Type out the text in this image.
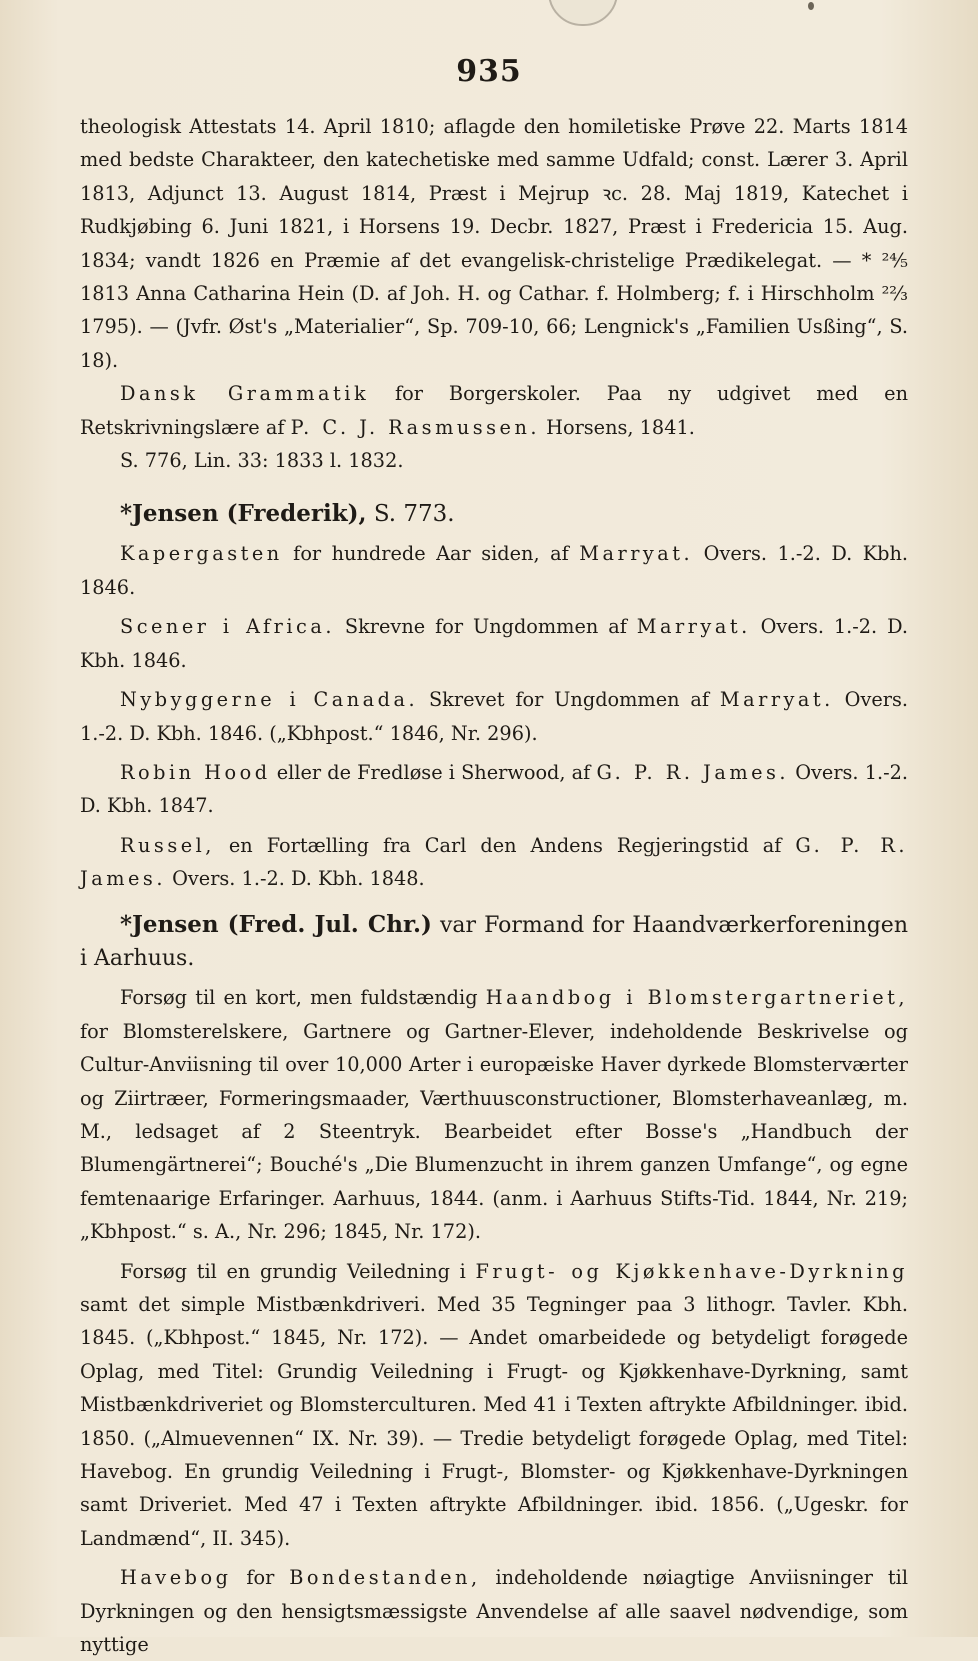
935
theologisk Attestats 14. April 1810; aflagde den homiletiske Prøve 22. Marts 1814 med bedste Charakteer, den katechetiske med samme Udfald; const. Lærer 3. April 1813, Adjunct 13. August 1814, Præst i Mejrup ꝛc. 28. Maj 1819, Katechet i Rudkjøbing 6. Juni 1821, i Horsens 19. Decbr. 1827, Præst i Fredericia 15. Aug. 1834; vandt 1826 en Præmie af det evangelisk-christelige Prædikelegat. — * ²⁴⁄₅ 1813 Anna Catharina Hein (D. af Joh. H. og Cathar. f. Holmberg; f. i Hirschholm ²²⁄₃ 1795). — (Jvfr. Øst's „Materialier“, Sp. 709-10, 66; Lengnick's „Familien Usßing“, S. 18).
Dansk Grammatik for Borgerskoler. Paa ny udgivet med en Retskrivningslære af P. C. J. Rasmussen. Horsens, 1841.
S. 776, Lin. 33: 1833 l. 1832.
*Jensen (Frederik), S. 773.
Kapergasten for hundrede Aar siden, af Marryat. Overs. 1.-2. D. Kbh. 1846.
Scener i Africa. Skrevne for Ungdommen af Marryat. Overs. 1.-2. D. Kbh. 1846.
Nybyggerne i Canada. Skrevet for Ungdommen af Marryat. Overs. 1.-2. D. Kbh. 1846. („Kbhpost.“ 1846, Nr. 296).
Robin Hood eller de Fredløse i Sherwood, af G. P. R. James. Overs. 1.-2. D. Kbh. 1847.
Russel, en Fortælling fra Carl den Andens Regjeringstid af G. P. R. James. Overs. 1.-2. D. Kbh. 1848.
*Jensen (Fred. Jul. Chr.) var Formand for Haandværkerforeningen i Aarhuus.
Forsøg til en kort, men fuldstændig Haandbog i Blomstergartneriet, for Blomsterelskere, Gartnere og Gartner-Elever, indeholdende Beskrivelse og Cultur-Anviisning til over 10,000 Arter i europæiske Haver dyrkede Blomsterværter og Ziirtræer, Formeringsmaader, Værthuusconstructioner, Blomsterhaveanlæg, m. M., ledsaget af 2 Steentryk. Bearbeidet efter Bosse's „Handbuch der Blumengärtnerei“; Bouché's „Die Blumenzucht in ihrem ganzen Umfange“, og egne femtenaarige Erfaringer. Aarhuus, 1844. (anm. i Aarhuus Stifts-Tid. 1844, Nr. 219; „Kbhpost.“ s. A., Nr. 296; 1845, Nr. 172).
Forsøg til en grundig Veiledning i Frugt- og Kjøkkenhave-Dyrkning samt det simple Mistbænkdriveri. Med 35 Tegninger paa 3 lithogr. Tavler. Kbh. 1845. („Kbhpost.“ 1845, Nr. 172). — Andet omarbeidede og betydeligt forøgede Oplag, med Titel: Grundig Veiledning i Frugt- og Kjøkkenhave-Dyrkning, samt Mistbænkdriveriet og Blomsterculturen. Med 41 i Texten aftrykte Afbildninger. ibid. 1850. („Almuevennen“ IX. Nr. 39). — Tredie betydeligt forøgede Oplag, med Titel: Havebog. En grundig Veiledning i Frugt-, Blomster- og Kjøkkenhave-Dyrkningen samt Driveriet. Med 47 i Texten aftrykte Afbildninger. ibid. 1856. („Ugeskr. for Landmænd“, II. 345).
Havebog for Bondestanden, indeholdende nøiagtige Anviisninger til Dyrkningen og den hensigtsmæssigste Anvendelse af alle saavel nødvendige, som nyttige
